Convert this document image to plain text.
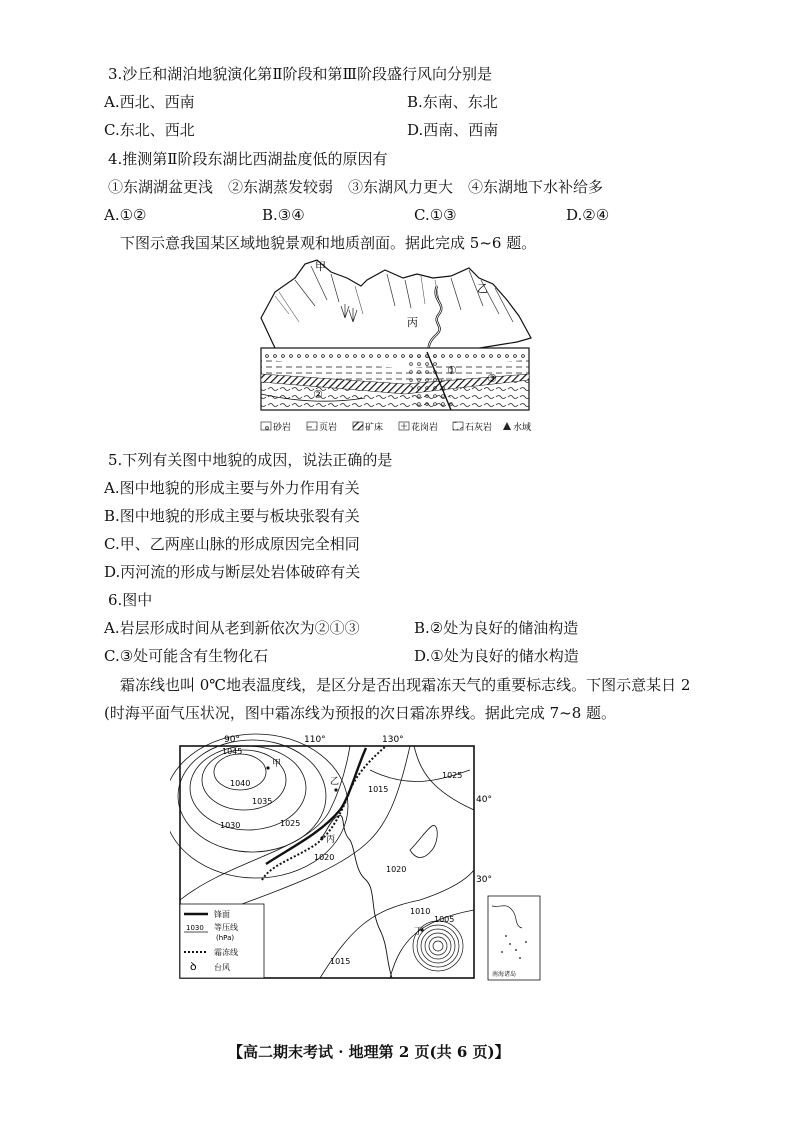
3.沙丘和湖泊地貌演化第Ⅱ阶段和第Ⅲ阶段盛行风向分别是
A.西北、西南	B.东南、东北
C.东北、西北	D.西南、西南
4.推测第Ⅱ阶段东湖比西湖盐度低的原因有
①东湖湖盆更浅　②东湖蒸发较弱　③东湖风力更大　④东湖地下水补给多
A.①②	B.③④	C.①③	D.②④
下图示意我国某区域地貌景观和地质剖面。据此完成 5~6 题。
甲
乙
丙
①
②
③
砂岩	页岩	矿床	花岗岩	石灰岩 水域
5.下列有关图中地貌的成因，说法正确的是
A.图中地貌的形成主要与外力作用有关
B.图中地貌的形成主要与板块张裂有关
C.甲、乙两座山脉的形成原因完全相同
D.丙河流的形成与断层处岩体破碎有关
6.图中
A.岩层形成时间从老到新依次为②①③	B.②处为良好的储油构造
C.③处可能含有生物化石	D.①处为良好的储水构造
霜冻线也叫 0℃地表温度线，是区分是否出现霜冻天气的重要标志线。下图示意某日 2
(时海平面气压状况，图中霜冻线为预报的次日霜冻界线。据此完成 7~8 题。
90°	110°	130°
40°
30°
1045
1040
1035
1030	1025
1020
1015
1025
1020
1010
1005
1015
甲
乙
丙
丁
锋面
1030 等压线
(hPa)
霜冻线
ꝺ 台风
南海诸岛
【高二期末考试 · 地理第 2 页(共 6 页)】
